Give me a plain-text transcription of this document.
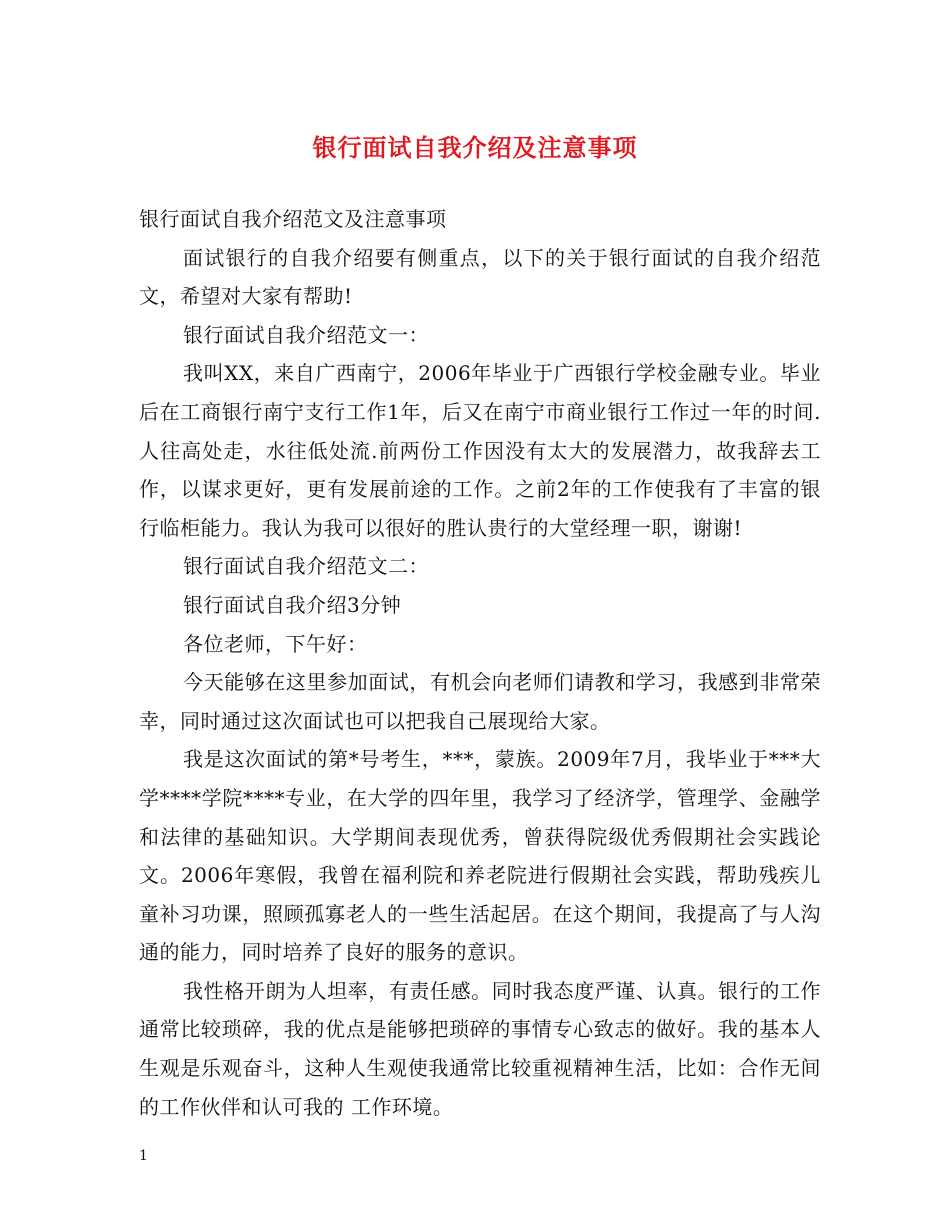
银行面试自我介绍及注意事项

银行面试自我介绍范文及注意事项

面试银行的自我介绍要有侧重点，以下的关于银行面试的自我介绍范文，希望对大家有帮助!

银行面试自我介绍范文一：

我叫XX，来自广西南宁，2006年毕业于广西银行学校金融专业。毕业后在工商银行南宁支行工作1年，后又在南宁市商业银行工作过一年的时间.人往高处走，水往低处流.前两份工作因没有太大的发展潜力，故我辞去工作，以谋求更好，更有发展前途的工作。之前2年的工作使我有了丰富的银行临柜能力。我认为我可以很好的胜认贵行的大堂经理一职，谢谢!

银行面试自我介绍范文二：

银行面试自我介绍3分钟

各位老师，下午好：

今天能够在这里参加面试，有机会向老师们请教和学习，我感到非常荣幸，同时通过这次面试也可以把我自己展现给大家。

我是这次面试的第*号考生，***，蒙族。2009年7月，我毕业于***大学****学院****专业，在大学的四年里，我学习了经济学，管理学、金融学和法律的基础知识。大学期间表现优秀，曾获得院级优秀假期社会实践论文。2006年寒假，我曾在福利院和养老院进行假期社会实践，帮助残疾儿童补习功课，照顾孤寡老人的一些生活起居。在这个期间，我提高了与人沟通的能力，同时培养了良好的服务的意识。

我性格开朗为人坦率，有责任感。同时我态度严谨、认真。银行的工作通常比较琐碎，我的优点是能够把琐碎的事情专心致志的做好。我的基本人生观是乐观奋斗，这种人生观使我通常比较重视精神生活，比如：合作无间的工作伙伴和认可我的 工作环境。

1
